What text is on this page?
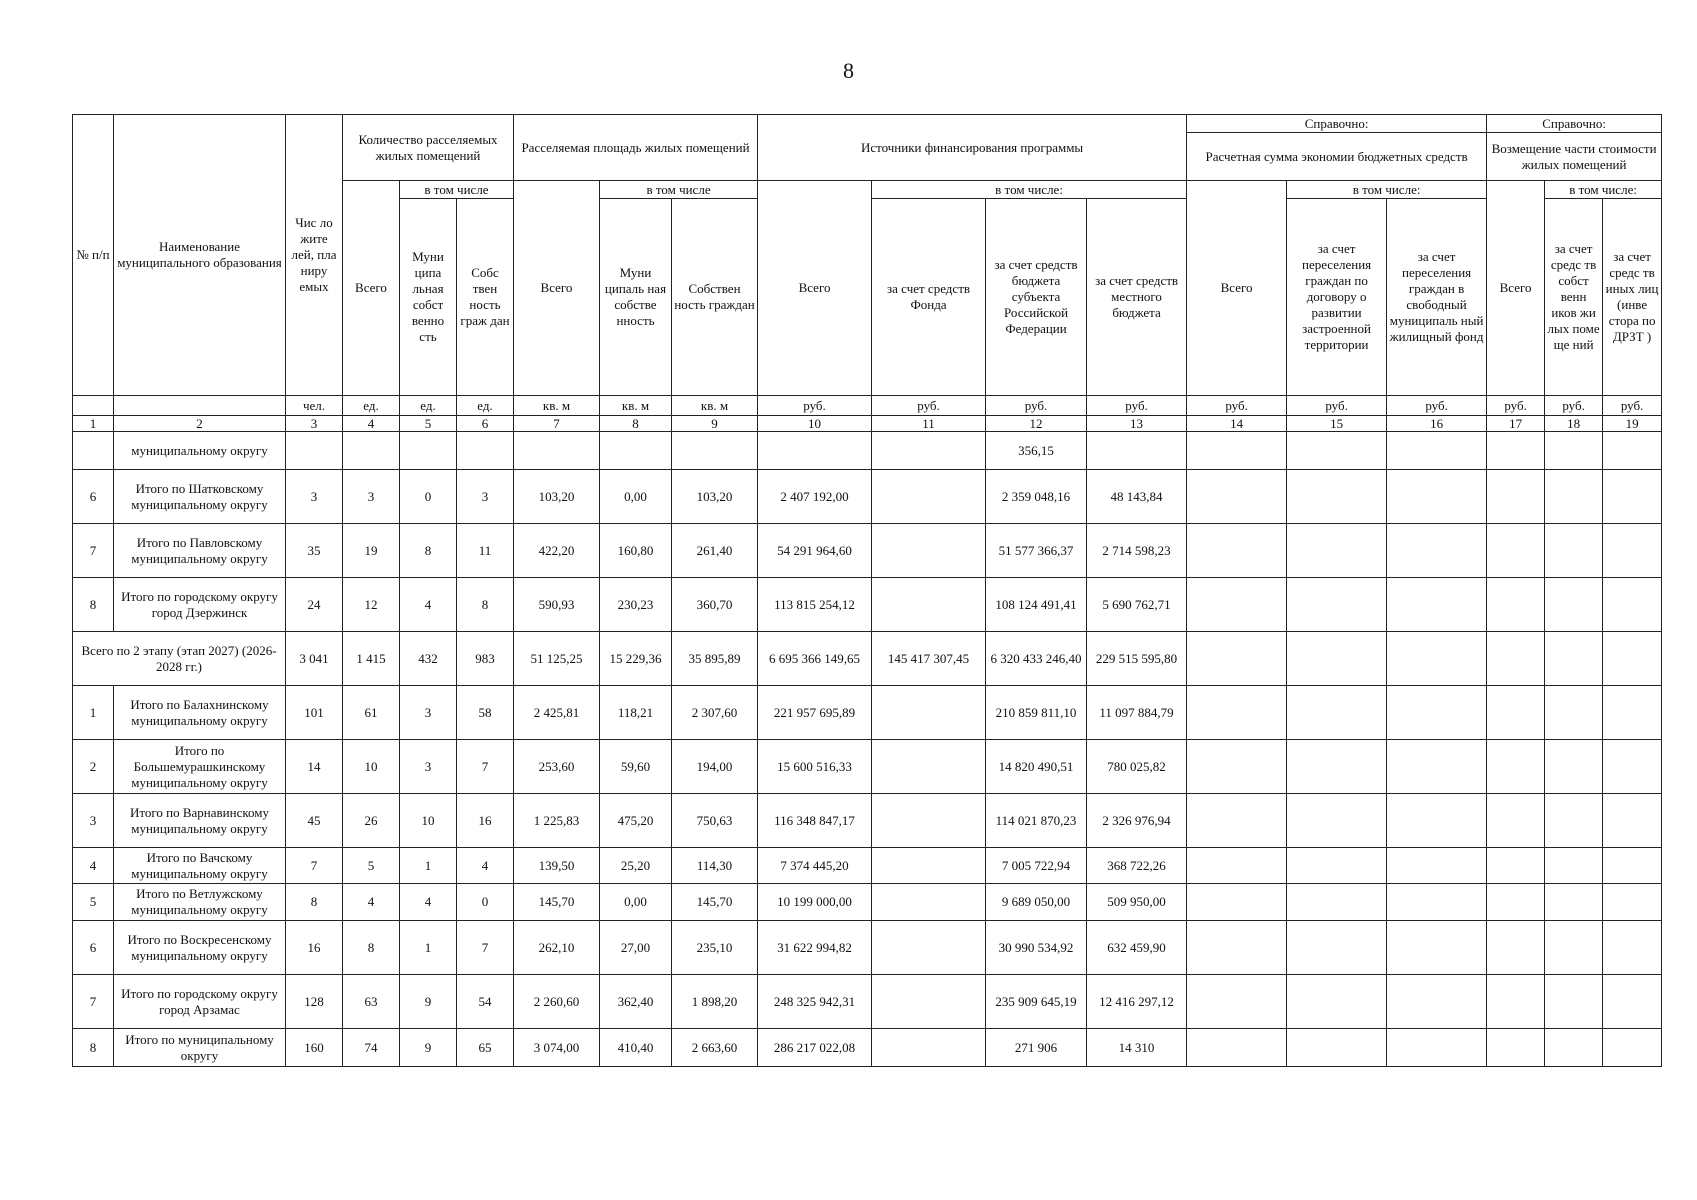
8
№ п/п	Наименование муниципального образования	Чис ло жите лей, пла ниру емых	Количество расселяемых жилых помещений			Расселяемая площадь жилых помещений			Источники финансирования программы				Справочно:			Справочно:		
													Расчетная сумма экономии бюджетных средств			Возмещение части стоимости жилых помещений		
			Всего	в том числе		Всего	в том числе		Всего	в том числе:			Всего	в том числе:		Всего	в том числе:	
				Муни ципа льная собст венно сть	Собс твен ность граж дан		Муни ципаль ная собстве нность	Собствен ность граждан		за счет средств Фонда	за счет средств бюджета субъекта Российской Федерации	за счет средств местного бюджета		за счет переселения граждан по договору о развитии застроенной территории	за счет переселения граждан в свободный муниципаль ный жилищный фонд		за счет средс тв собст венн иков жи лых поме ще ний	за счет средс тв иных лиц (инве стора по ДРЗТ )
		чел.	ед.	ед.	ед.	кв. м	кв. м	кв. м	руб.	руб.	руб.	руб.	руб.	руб.	руб.	руб.	руб.	руб.
1	2	3	4	5	6	7	8	9	10	11	12	13	14	15	16	17	18	19
	муниципальному округу										356,15							
6	Итого по Шатковскому муниципальному округу	3	3	0	3	103,20	0,00	103,20	2 407 192,00		2 359 048,16	48 143,84						
7	Итого по Павловскому муниципальному округу	35	19	8	11	422,20	160,80	261,40	54 291 964,60		51 577 366,37	2 714 598,23						
8	Итого по городскому округу город Дзержинск	24	12	4	8	590,93	230,23	360,70	113 815 254,12		108 124 491,41	5 690 762,71						
Всего по 2 этапу (этап 2027) (2026-2028 гг.)		3 041	1 415	432	983	51 125,25	15 229,36	35 895,89	6 695 366 149,65	145 417 307,45	6 320 433 246,40	229 515 595,80						
1	Итого по Балахнинскому муниципальному округу	101	61	3	58	2 425,81	118,21	2 307,60	221 957 695,89		210 859 811,10	11 097 884,79						
2	Итого по Большемурашкинскому муниципальному округу	14	10	3	7	253,60	59,60	194,00	15 600 516,33		14 820 490,51	780 025,82						
3	Итого по Варнавинскому муниципальному округу	45	26	10	16	1 225,83	475,20	750,63	116 348 847,17		114 021 870,23	2 326 976,94						
4	Итого по Вачскому муниципальному округу	7	5	1	4	139,50	25,20	114,30	7 374 445,20		7 005 722,94	368 722,26						
5	Итого по Ветлужскому муниципальному округу	8	4	4	0	145,70	0,00	145,70	10 199 000,00		9 689 050,00	509 950,00						
6	Итого по Воскресенскому муниципальному округу	16	8	1	7	262,10	27,00	235,10	31 622 994,82		30 990 534,92	632 459,90						
7	Итого по городскому округу город Арзамас	128	63	9	54	2 260,60	362,40	1 898,20	248 325 942,31		235 909 645,19	12 416 297,12						
8	Итого по муниципальному округу	160	74	9	65	3 074,00	410,40	2 663,60	286 217 022,08		271 906	14 310						
